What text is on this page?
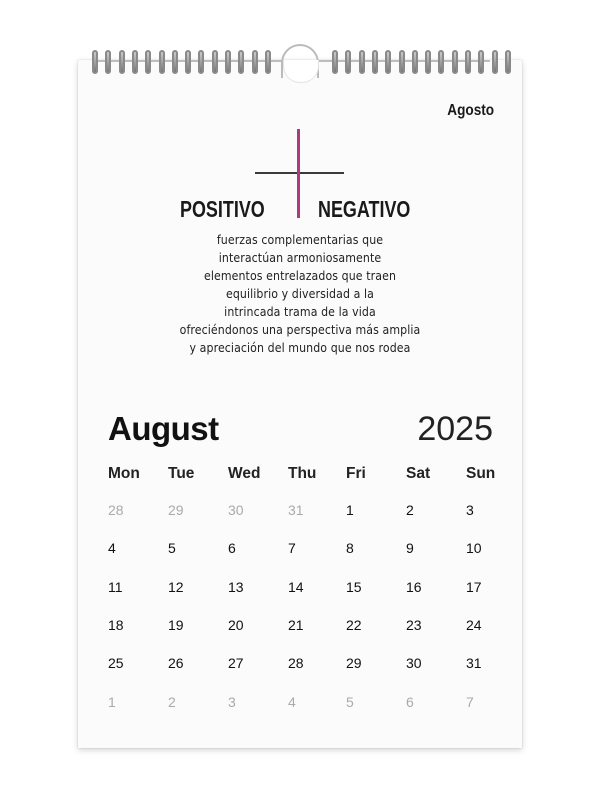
Agosto
POSITIVO NEGATIVO
fuerzas complementarias que
interactúan armoniosamente
elementos entrelazados que traen
equilibrio y diversidad a la
intrincada trama de la vida
ofreciéndonos una perspectiva más amplia
y apreciación del mundo que nos rodea
August	2025
Mon Tue Wed Thu Fri	Sat Sun
28	29	30	31	1	2	3
4	5	6	7	8	9	10
11	12	13	14	15	16	17
18	19	20	21	22	23	24
25	26	27	28	29	30	31
1	2	3	4	5	6	7
